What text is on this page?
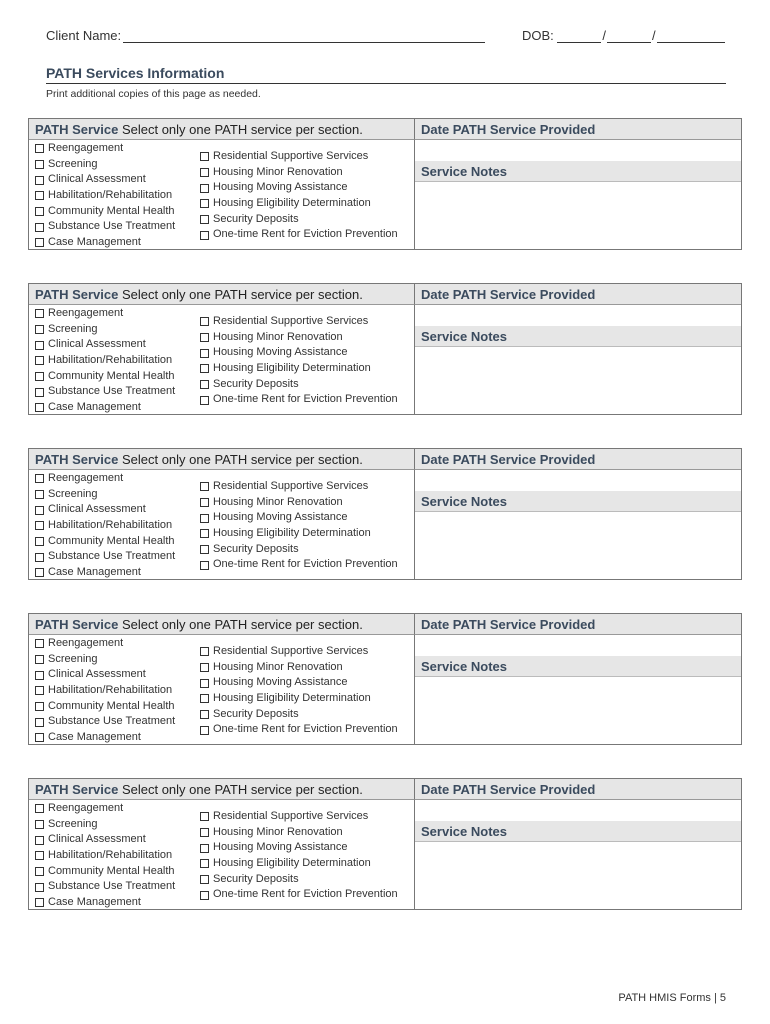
Client Name:	DOB:	/	/
PATH Services Information
Print additional copies of this page as needed.
PATH Service Select only one PATH service per section.	Date PATH Service Provided
Service Notes
Reengagement
Screening
Clinical Assessment
Habilitation/Rehabilitation
Community Mental Health
Substance Use Treatment
Case Management
Residential Supportive Services
Housing Minor Renovation
Housing Moving Assistance
Housing Eligibility Determination
Security Deposits
One-time Rent for Eviction Prevention
PATH Service Select only one PATH service per section.	Date PATH Service Provided
Service Notes
Reengagement
Screening
Clinical Assessment
Habilitation/Rehabilitation
Community Mental Health
Substance Use Treatment
Case Management
Residential Supportive Services
Housing Minor Renovation
Housing Moving Assistance
Housing Eligibility Determination
Security Deposits
One-time Rent for Eviction Prevention
PATH Service Select only one PATH service per section.	Date PATH Service Provided
Service Notes
Reengagement
Screening
Clinical Assessment
Habilitation/Rehabilitation
Community Mental Health
Substance Use Treatment
Case Management
Residential Supportive Services
Housing Minor Renovation
Housing Moving Assistance
Housing Eligibility Determination
Security Deposits
One-time Rent for Eviction Prevention
PATH Service Select only one PATH service per section.	Date PATH Service Provided
Service Notes
Reengagement
Screening
Clinical Assessment
Habilitation/Rehabilitation
Community Mental Health
Substance Use Treatment
Case Management
Residential Supportive Services
Housing Minor Renovation
Housing Moving Assistance
Housing Eligibility Determination
Security Deposits
One-time Rent for Eviction Prevention
PATH Service Select only one PATH service per section.	Date PATH Service Provided
Service Notes
Reengagement
Screening
Clinical Assessment
Habilitation/Rehabilitation
Community Mental Health
Substance Use Treatment
Case Management
Residential Supportive Services
Housing Minor Renovation
Housing Moving Assistance
Housing Eligibility Determination
Security Deposits
One-time Rent for Eviction Prevention
PATH HMIS Forms | 5
